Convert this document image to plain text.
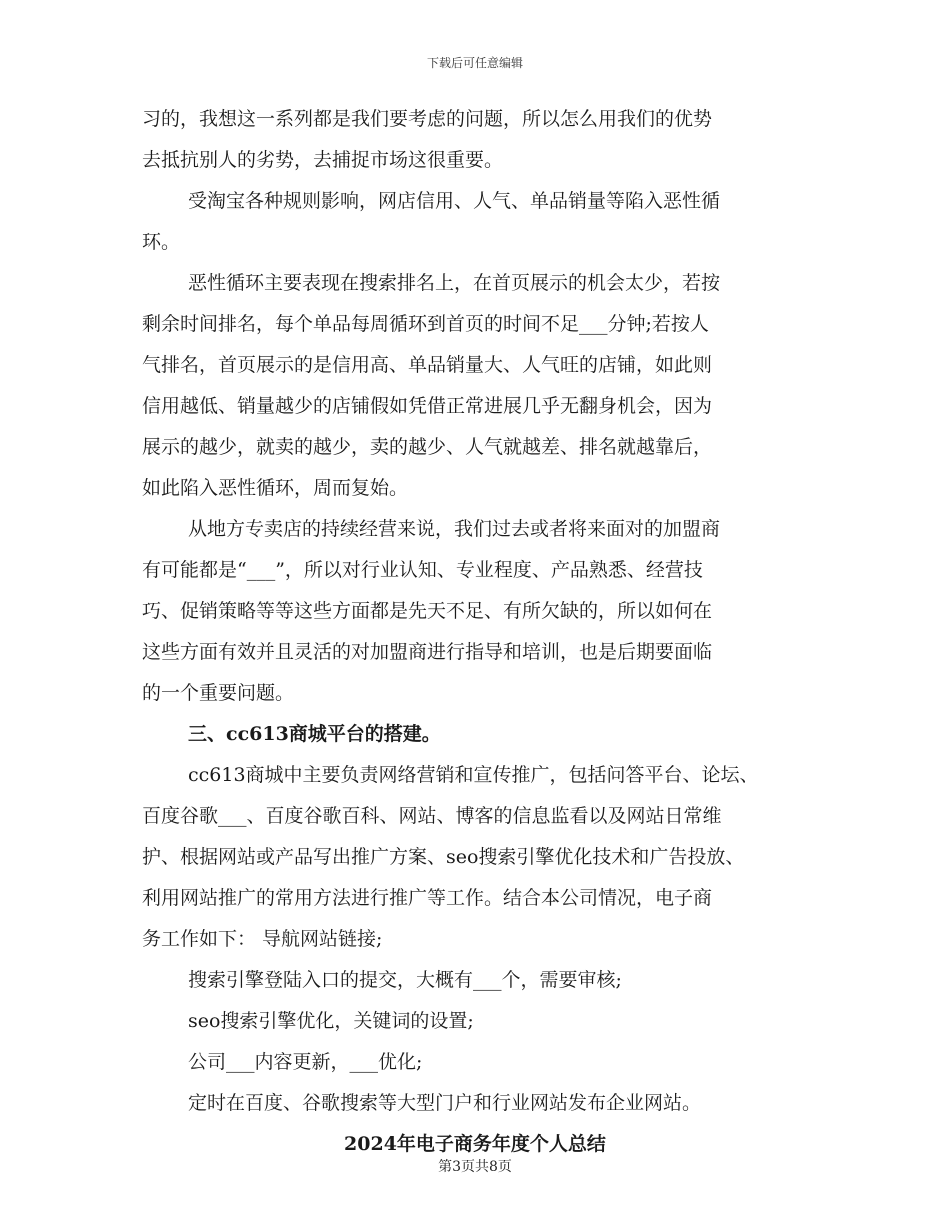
下载后可任意编辑
习的，我想这一系列都是我们要考虑的问题，所以怎么用我们的优势
去抵抗别人的劣势，去捕捉市场这很重要。
受淘宝各种规则影响，网店信用、人气、单品销量等陷入恶性循
环。
恶性循环主要表现在搜索排名上，在首页展示的机会太少，若按
剩余时间排名，每个单品每周循环到首页的时间不足___分钟;若按人
气排名，首页展示的是信用高、单品销量大、人气旺的店铺，如此则
信用越低、销量越少的店铺假如凭借正常进展几乎无翻身机会，因为
展示的越少，就卖的越少，卖的越少、人气就越差、排名就越靠后，
如此陷入恶性循环，周而复始。
从地方专卖店的持续经营来说，我们过去或者将来面对的加盟商
有可能都是“___”，所以对行业认知、专业程度、产品熟悉、经营技
巧、促销策略等等这些方面都是先天不足、有所欠缺的，所以如何在
这些方面有效并且灵活的对加盟商进行指导和培训，也是后期要面临
的一个重要问题。
三、cc613商城平台的搭建。
cc613商城中主要负责网络营销和宣传推广，包括问答平台、论坛、
百度谷歌___、百度谷歌百科、网站、博客的信息监看以及网站日常维
护、根据网站或产品写出推广方案、seo搜索引擎优化技术和广告投放、
利用网站推广的常用方法进行推广等工作。结合本公司情况，电子商
务工作如下： 导航网站链接;
搜索引擎登陆入口的提交，大概有___个，需要审核;
seo搜索引擎优化，关键词的设置;
公司___内容更新，___优化;
定时在百度、谷歌搜索等大型门户和行业网站发布企业网站。
2024年电子商务年度个人总结
第3页共8页
